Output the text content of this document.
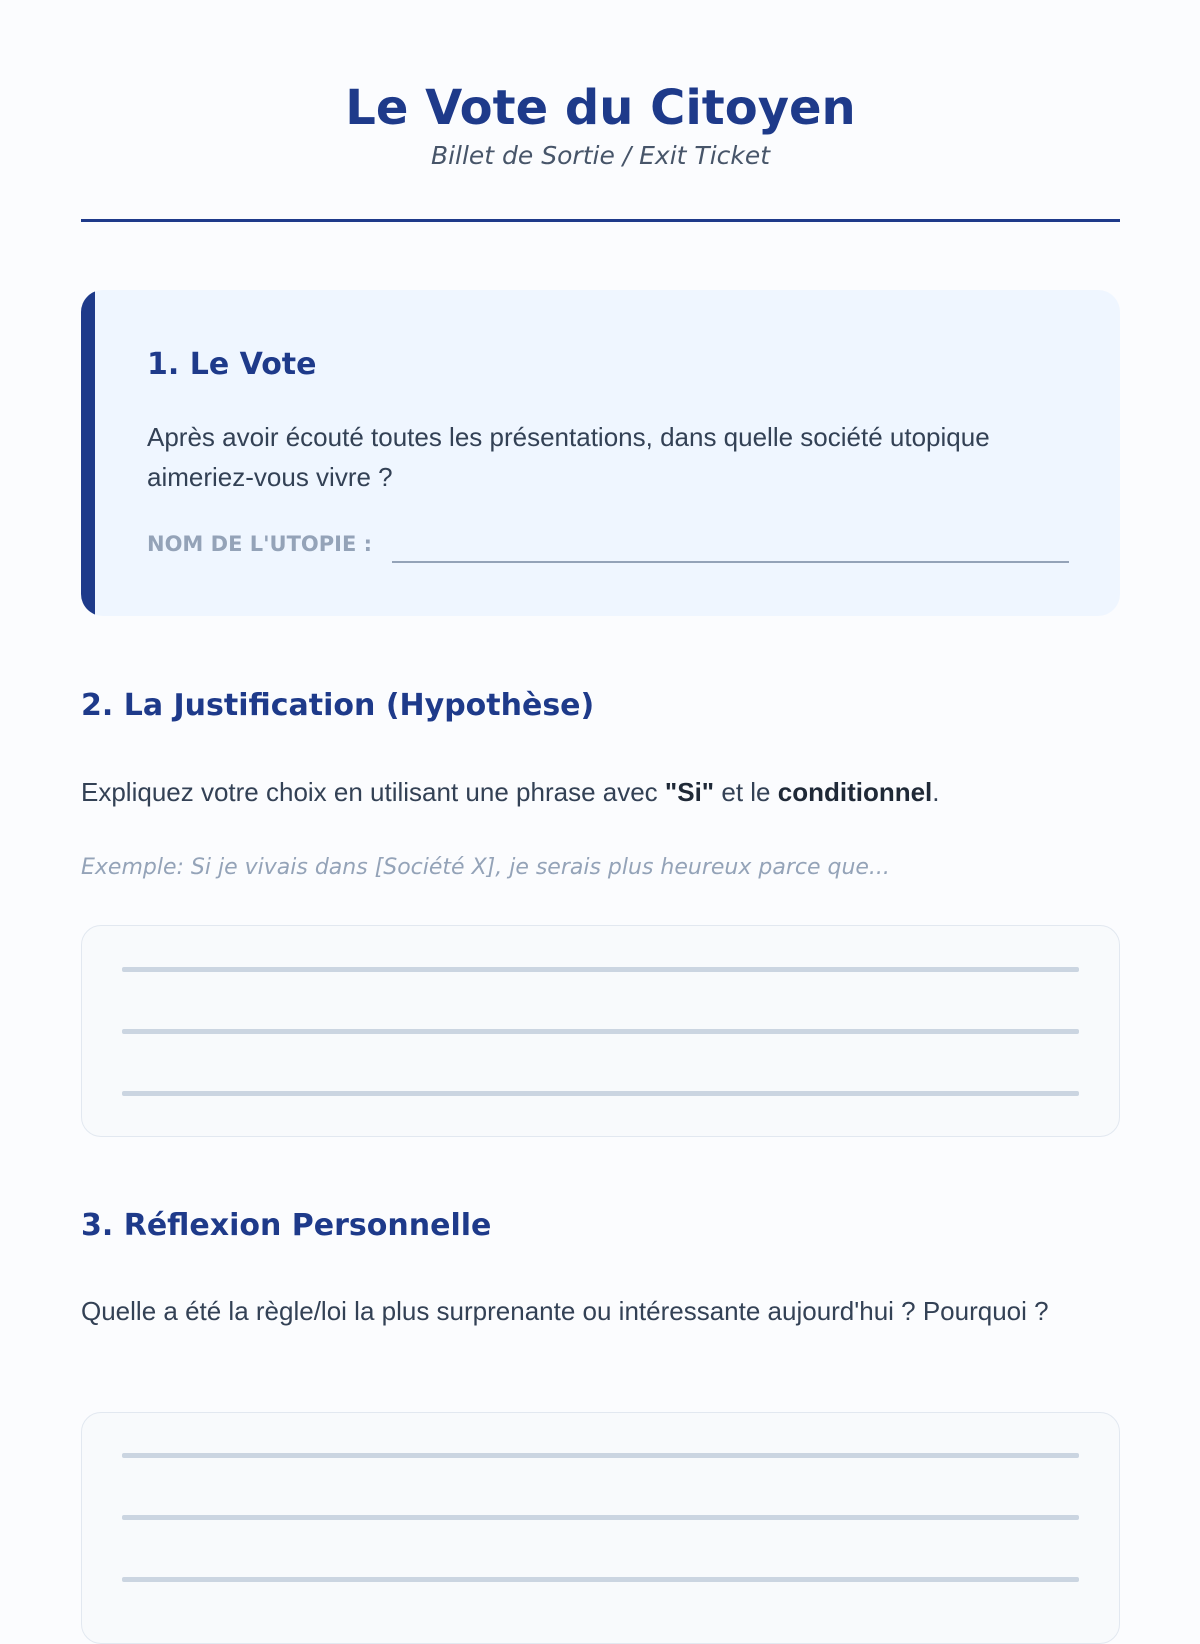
Le Vote du Citoyen
Billet de Sortie / Exit Ticket
1. Le Vote
Après avoir écouté toutes les présentations, dans quelle société utopique aimeriez-vous vivre ?
NOM DE L'UTOPIE :
2. La Justification (Hypothèse)
Expliquez votre choix en utilisant une phrase avec "Si" et le conditionnel.
Exemple: Si je vivais dans [Société X], je serais plus heureux parce que...
3. Réflexion Personnelle
Quelle a été la règle/loi la plus surprenante ou intéressante aujourd'hui ? Pourquoi ?
